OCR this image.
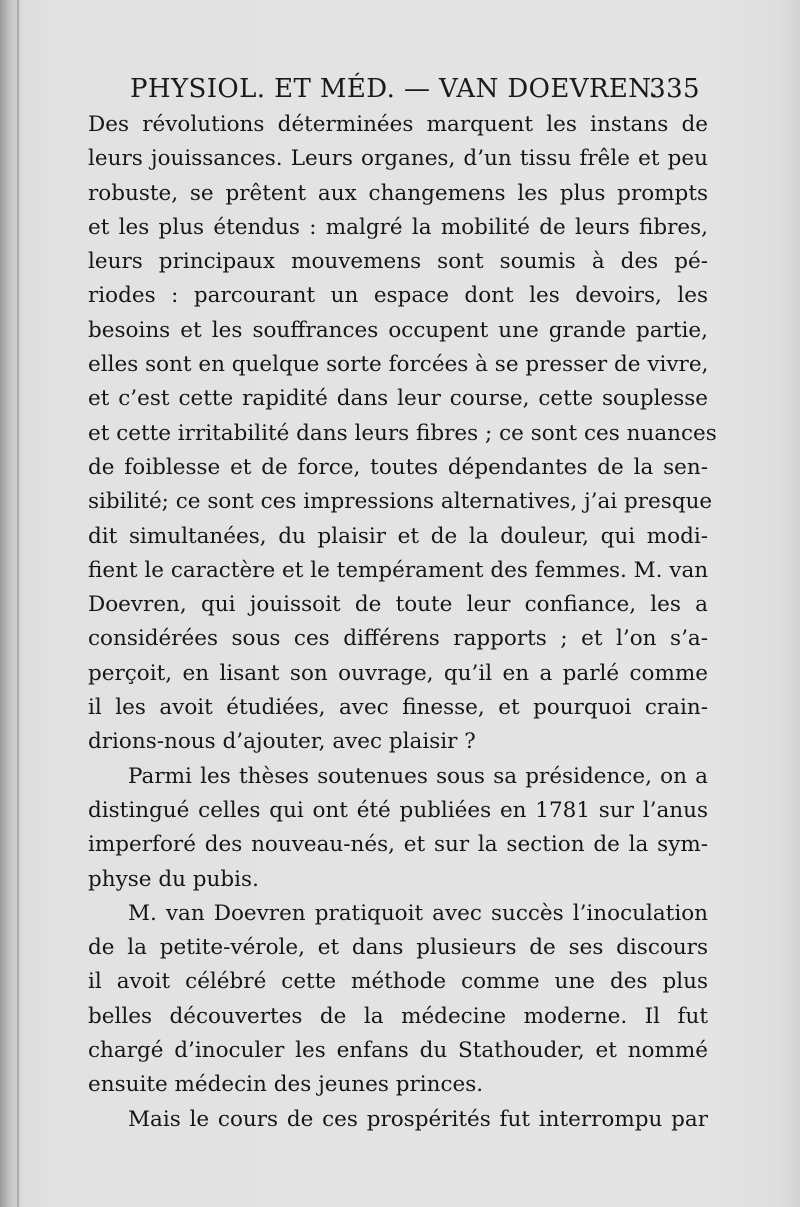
PHYSIOL. ET MÉD. — VAN DOEVREN.
335
Des révolutions déterminées marquent les instans de
leurs jouissances. Leurs organes, d’un tissu frêle et peu
robuste, se prêtent aux changemens les plus prompts
et les plus étendus : malgré la mobilité de leurs fibres,
leurs principaux mouvemens sont soumis à des pé-
riodes : parcourant un espace dont les devoirs, les
besoins et les souffrances occupent une grande partie,
elles sont en quelque sorte forcées à se presser de vivre,
et c’est cette rapidité dans leur course, cette souplesse
et cette irritabilité dans leurs fibres ; ce sont ces nuances
de foiblesse et de force, toutes dépendantes de la sen-
sibilité; ce sont ces impressions alternatives, j’ai presque
dit simultanées, du plaisir et de la douleur, qui modi-
fient le caractère et le tempérament des femmes. M. van
Doevren, qui jouissoit de toute leur confiance, les a
considérées sous ces différens rapports ; et l’on s’a-
perçoit, en lisant son ouvrage, qu’il en a parlé comme
il les avoit étudiées, avec finesse, et pourquoi crain-
drions-nous d’ajouter, avec plaisir ?
Parmi les thèses soutenues sous sa présidence, on a
distingué celles qui ont été publiées en 1781 sur l’anus
imperforé des nouveau-nés, et sur la section de la sym-
physe du pubis.
M. van Doevren pratiquoit avec succès l’inoculation
de la petite-vérole, et dans plusieurs de ses discours
il avoit célébré cette méthode comme une des plus
belles découvertes de la médecine moderne. Il fut
chargé d’inoculer les enfans du Stathouder, et nommé
ensuite médecin des jeunes princes.
Mais le cours de ces prospérités fut interrompu par
